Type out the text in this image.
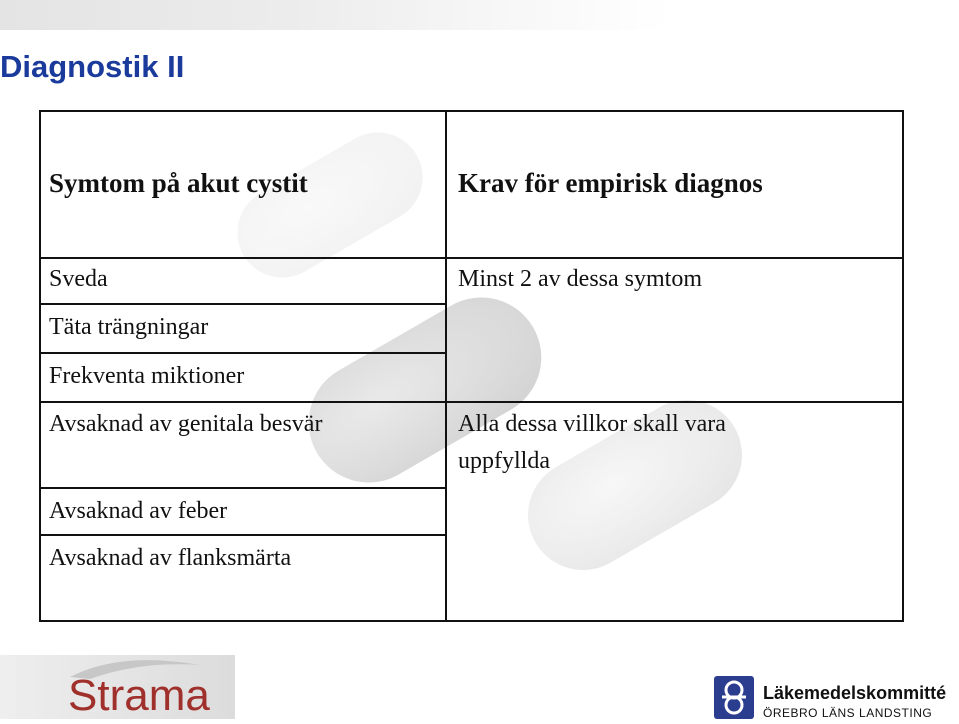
Diagnostik II
Symtom på akut cystit	Krav för empirisk diagnos
Sveda
Täta trängningar
Frekventa miktioner
Avsaknad av genitala besvär
Avsaknad av feber
Avsaknad av flanksmärta
Minst 2 av dessa symtom
Alla dessa villkor skall vara
uppfyllda
Strama	Läkemedelskommitté
ÖREBRO LÄNS LANDSTING
